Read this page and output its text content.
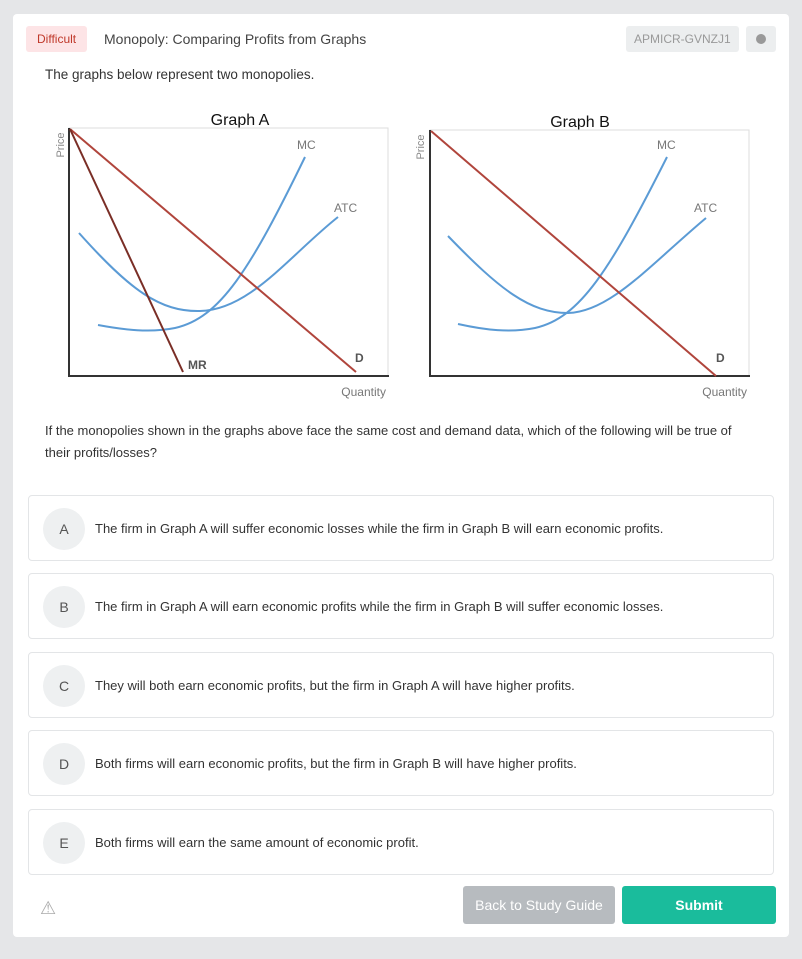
Difficult	Monopoly: Comparing Profits from Graphs	APMICR-GVNZJ1
The graphs below represent two monopolies.
Graph A
Price
Quantity
MC
ATC
D
MR
Graph B
Price
Quantity
MC
ATC
D
If the monopolies shown in the graphs above face the same cost and demand data, which of the following will be true of their profits/losses?
A	The firm in Graph A will suffer economic losses while the firm in Graph B will earn economic profits.
B	The firm in Graph A will earn economic profits while the firm in Graph B will suffer economic losses.
C	They will both earn economic profits, but the firm in Graph A will have higher profits.
D	Both firms will earn economic profits, but the firm in Graph B will have higher profits.
E	Both firms will earn the same amount of economic profit.
⚠	Back to Study Guide	Submit
